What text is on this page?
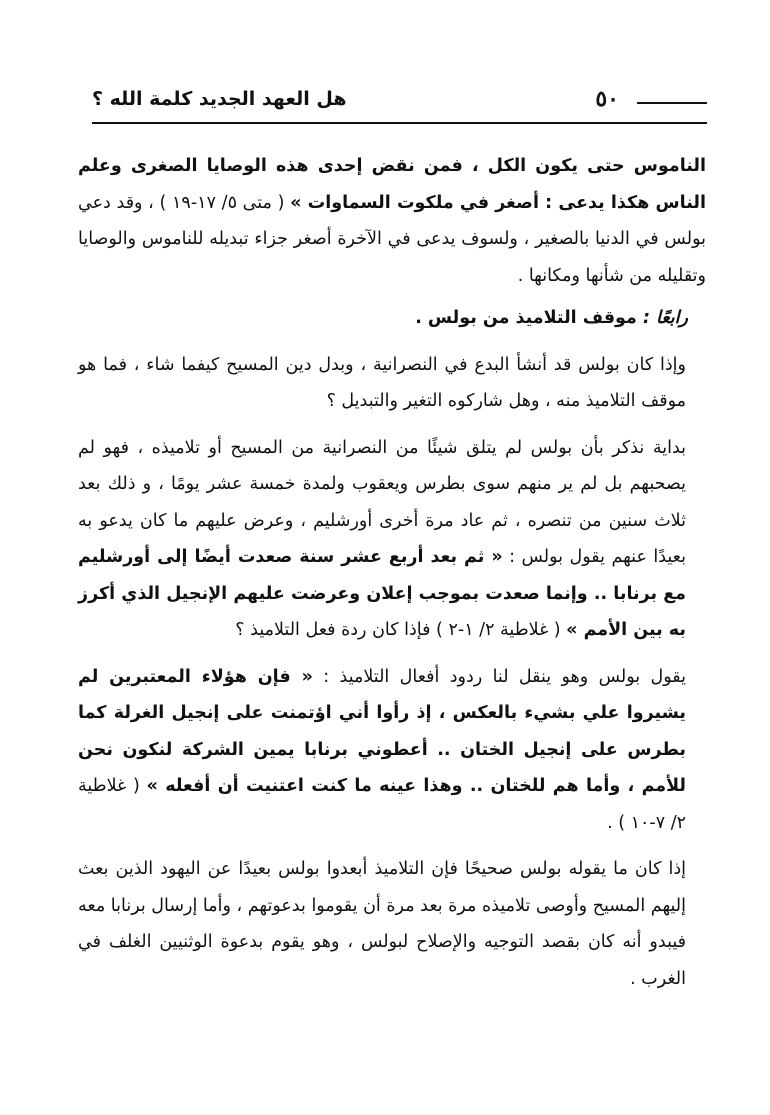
هل العهد الجديد كلمة الله ؟	٥٠

الناموس حتى يكون الكل ، فمن نقض إحدى هذه الوصايا الصغرى وعلم الناس هكذا يدعى : أصغر في ملكوت السماوات » ( متى ٥/ ١٧-١٩ ) ، وقد دعي بولس في الدنيا بالصغير ، ولسوف يدعى في الآخرة أصغر جزاء تبديله للناموس والوصايا وتقليله من شأنها ومكانها .

رابعًا : موقف التلاميذ من بولس .

وإذا كان بولس قد أنشأ البدع في النصرانية ، وبدل دين المسيح كيفما شاء ، فما هو موقف التلاميذ منه ، وهل شاركوه التغير والتبديل ؟

بداية نذكر بأن بولس لم يتلق شيئًا من النصرانية من المسيح أو تلاميذه ، فهو لم يصحبهم بل لم ير منهم سوى بطرس ويعقوب ولمدة خمسة عشر يومًا ، و ذلك بعد ثلاث سنين من تنصره ، ثم عاد مرة أخرى أورشليم ، وعرض عليهم ما كان يدعو به بعيدًا عنهم يقول بولس : « ثم بعد أربع عشر سنة صعدت أيضًا إلى أورشليم مع برنابا .. وإنما صعدت بموجب إعلان وعرضت عليهم الإنجيل الذي أكرز به بين الأمم » ( غلاطية ٢/ ١-٢ ) فإذا كان ردة فعل التلاميذ ؟

يقول بولس وهو ينقل لنا ردود أفعال التلاميذ : « فإن هؤلاء المعتبرين لم يشيروا علي بشيء بالعكس ، إذ رأوا أني اؤتمنت على إنجيل الغرلة كما بطرس على إنجيل الختان .. أعطوني برنابا يمين الشركة لنكون نحن للأمم ، وأما هم للختان .. وهذا عينه ما كنت اعتنيت أن أفعله » ( غلاطية ٢/ ٧-١٠ ) .

إذا كان ما يقوله بولس صحيحًا فإن التلاميذ أبعدوا بولس بعيدًا عن اليهود الذين بعث إليهم المسيح وأوصى تلاميذه مرة بعد مرة أن يقوموا بدعوتهم ، وأما إرسال برنابا معه فيبدو أنه كان بقصد التوجيه والإصلاح لبولس ، وهو يقوم بدعوة الوثنيين الغلف في الغرب .
